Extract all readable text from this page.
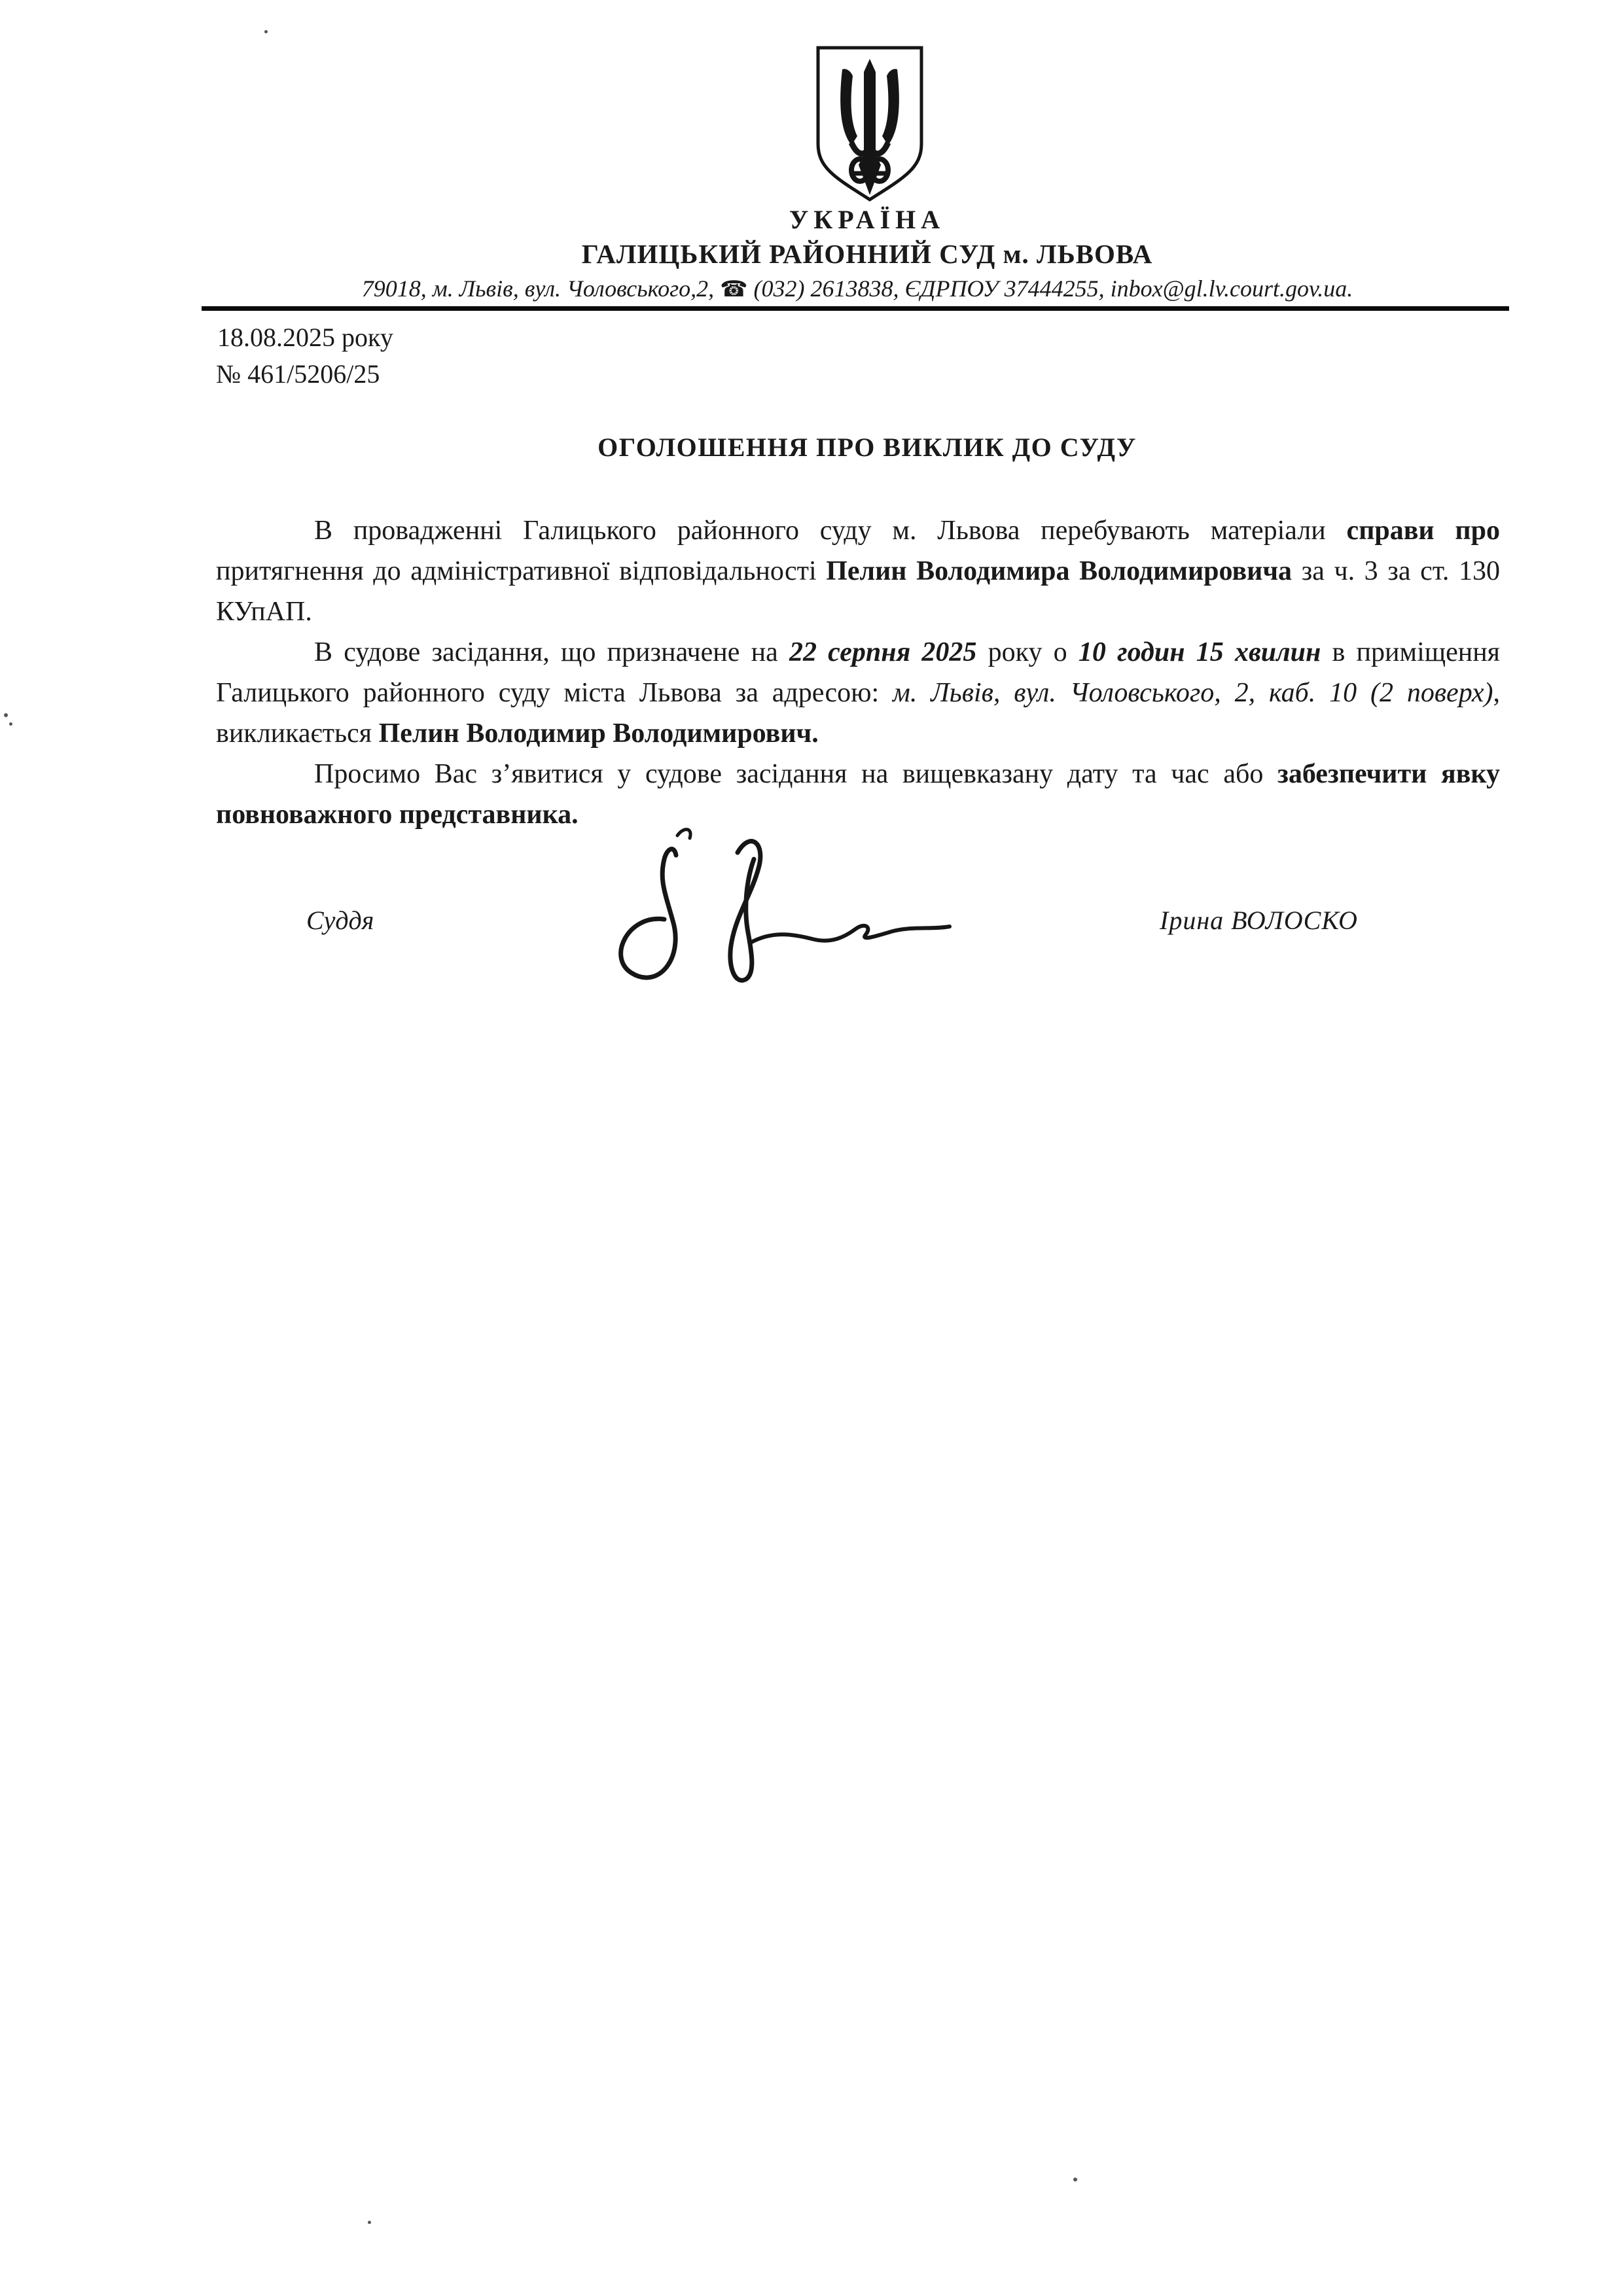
УКРАЇНА
ГАЛИЦЬКИЙ РАЙОННИЙ СУД м. ЛЬВОВА
79018, м. Львів, вул. Чоловського,2, ☎ (032) 2613838, ЄДРПОУ 37444255, inbox@gl.lv.court.gov.ua.
18.08.2025 року
№ 461/5206/25
ОГОЛОШЕННЯ ПРО ВИКЛИК ДО СУДУ

В провадженні Галицького районного суду м. Львова перебувають матеріали справи про притягнення до адміністративної відповідальності Пелин Володимира Володимировича за ч. 3 за ст. 130 КУпАП.

В судове засідання, що призначене на 22 серпня 2025 року о 10 годин 15 хвилин в приміщення Галицького районного суду міста Львова за адресою: м. Львів, вул. Чоловського, 2, каб. 10 (2 поверх), викликається Пелин Володимир Володимирович.

Просимо Вас з’явитися у судове засідання на вищевказану дату та час або забезпечити явку повноважного представника.

Суддя	Ірина ВОЛОСКО
